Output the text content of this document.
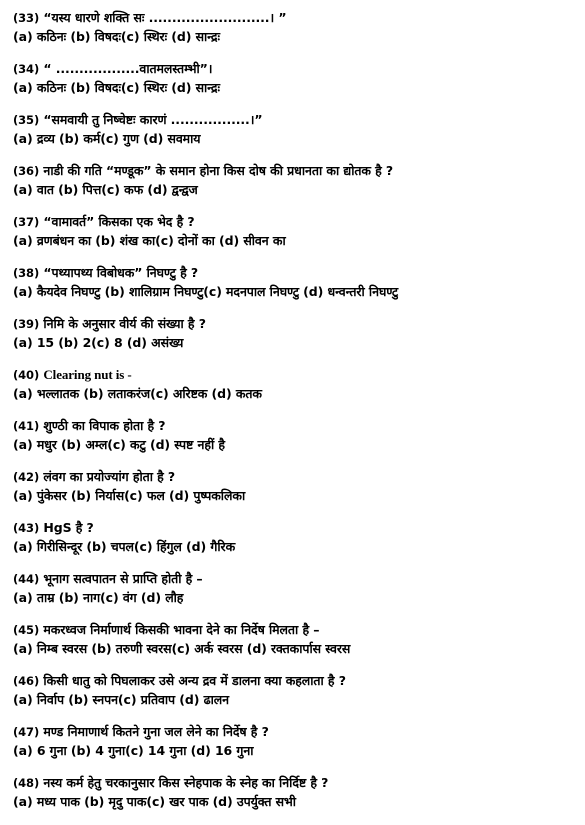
(33) “यस्य धारणे शक्ति सः ..........................। ”
(a) कठिनः (b) विषदः(c) स्थिरः (d) सान्द्रः
(34) “ ..................वातमलस्तम्भी”।
(a) कठिनः (b) विषदः(c) स्थिरः (d) सान्द्रः
(35) “समवायी तु निष्चेष्टः कारणं .................।”
(a) द्रव्य (b) कर्म(c) गुण (d) सवमाय
(36) नाडी की गति “मण्डूक” के समान होना किस दोष की प्रधानता का द्योतक है ?
(a) वात (b) पित्त(c) कफ (d) द्वन्द्वज
(37) “वामावर्त” किसका एक भेद है ?
(a) व्रणबंधन का (b) शंख का(c) दोनों का (d) सीवन का
(38) “पथ्यापथ्य विबोधक” निघण्टु है ?
(a) कैयदेव निघण्टु (b) शालिग्राम निघण्टु(c) मदनपाल निघण्टु (d) धन्वन्तरी निघण्टु
(39) निमि के अनुसार वीर्य की संख्या है ?
(a) 15 (b) 2(c) 8 (d) असंख्य
(40) Clearing nut is -
(a) भल्लातक (b) लताकरंज(c) अरिष्टक (d) कतक
(41) शुण्ठी का विपाक होता है ?
(a) मधुर (b) अम्ल(c) कटु (d) स्पष्ट नहीं है
(42) लंवग का प्रयोज्यांग होता है ?
(a) पुंकेसर (b) निर्यास(c) फल (d) पुष्पकलिका
(43) HgS है ?
(a) गिरीसिन्दूर (b) चपल(c) हिंगुल (d) गैरिक
(44) भूनाग सत्वपातन से प्राप्ति होती है –
(a) ताम्र (b) नाग(c) वंग (d) लौह
(45) मकरध्वज निर्माणार्थ किसकी भावना देने का निर्देष मिलता है –
(a) निम्ब स्वरस (b) तरुणी स्वरस(c) अर्क स्वरस (d) रक्तकार्पास स्वरस
(46) किसी धातु को पिघलाकर उसे अन्य द्रव में डालना क्या कहलाता है ?
(a) निर्वाप (b) स्नपन(c) प्रतिवाप (d) ढालन
(47) मण्ड निमाणार्थ कितने गुना जल लेने का निर्देष है ?
(a) 6 गुना (b) 4 गुना(c) 14 गुना (d) 16 गुना
(48) नस्य कर्म हेतु चरकानुसार किस स्नेहपाक के स्नेह का निर्दिष्ट है ?
(a) मध्य पाक (b) मृदु पाक(c) खर पाक (d) उपर्युक्त सभी
